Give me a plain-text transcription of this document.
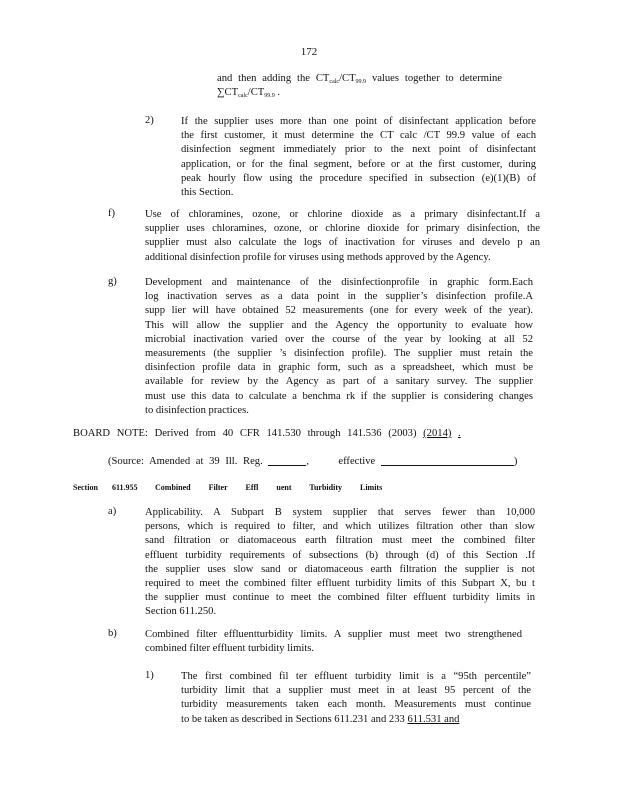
172
and then adding the $CT_{calc}/CT_{99.9}$ values together to determine
$\sum CT_{calc}/CT_{99.9}$ .
2)	If the supplier uses more than one point of disinfectant application before
the first customer, it must determine the CT calc /CT 99.9 value of each
disinfection segment immediately prior to the next point of disinfectant
application, or for the final segment, before or at the first customer, during
peak hourly flow using the procedure specified in subsection (e)(1)(B) of
this Section.
f)	Use of chloramines, ozone, or chlorine dioxide as a primary disinfectant.If a
supplier uses chloramines, ozone, or chlorine dioxide for primary disinfection, the
supplier must also calculate the logs of inactivation for viruses and develo p an
additional disinfection profile for viruses using methods approved by the Agency.
g)	Development and maintenance of the disinfectionprofile in graphic form.Each
log inactivation serves as a data point in the supplier’s disinfection profile.A
supp lier will have obtained 52 measurements (one for every week of the year).
This will allow the supplier and the Agency the opportunity to evaluate how
microbial inactivation varied over the course of the year by looking at all 52
measurements (the supplier ’s disinfection profile). The supplier must retain the
disinfection profile data in graphic form, such as a spreadsheet, which must be
available for review by the Agency as part of a sanitary survey. The supplier
must use this data to calculate a benchma rk if the supplier is considering changes
to disinfection practices.
BOARD NOTE: Derived from 40 CFR 141.530 through 141.536 (2003) (2014) .
(Source: Amended at 39 Ill. Reg.	,	effective	)
Section 611.955 Combined Filter Effl uent Turbidity Limits
a)	Applicability. A Subpart B system supplier that serves fewer than 10,000
persons, which is required to filter, and which utilizes filtration other than slow
sand filtration or diatomaceous earth filtration must meet the combined filter
effluent turbidity requirements of subsections (b) through (d) of this Section .If
the supplier uses slow sand or diatomaceous earth filtration the supplier is not
required to meet the combined filter effluent turbidity limits of this Subpart X, bu t
the supplier must continue to meet the combined filter effluent turbidity limits in
Section 611.250.
b)	Combined filter effluentturbidity limits. A supplier must meet two strengthened
combined filter effluent turbidity limits.
1)	The first combined fil ter effluent turbidity limit is a “95th percentile”
turbidity limit that a supplier must meet in at least 95 percent of the
turbidity measurements taken each month. Measurements must continue
to be taken as described in Sections 611.231 and 233 611.531 and
